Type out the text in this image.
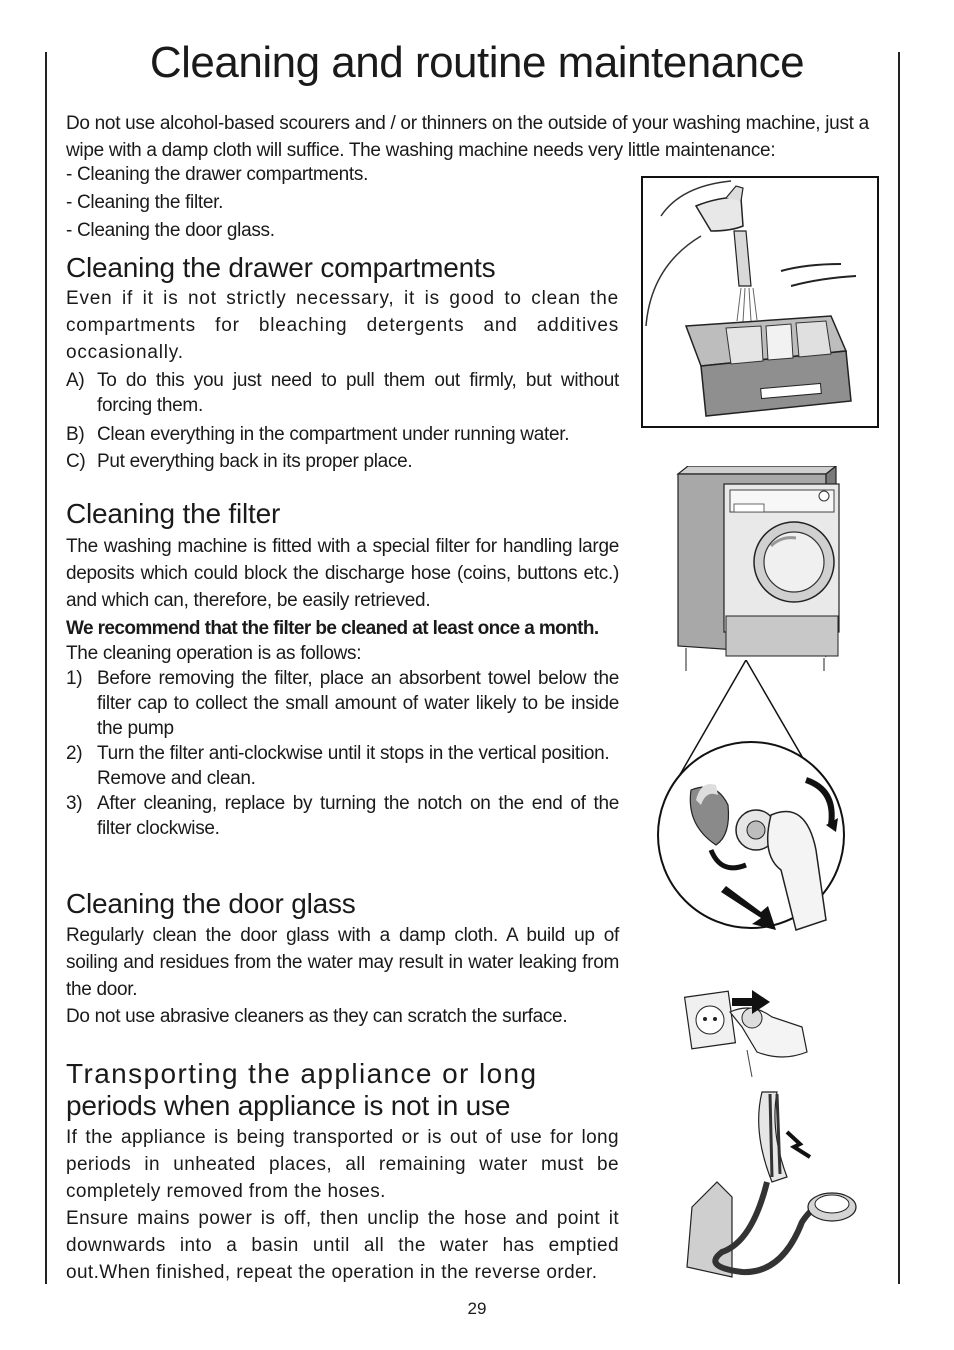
Cleaning and routine maintenance

Do not use alcohol-based scourers and / or thinners on the outside of your washing machine, just a wipe with a damp cloth will suffice. The washing machine needs very little maintenance:

- Cleaning the drawer compartments.

- Cleaning the filter.

- Cleaning the door glass.

Cleaning the drawer compartments

Even if it is not strictly necessary, it is good to clean the compartments for bleaching detergents and additives occasionally.

A) To do this you just need to pull them out firmly, but without forcing them.
B) Clean everything in the compartment under running water.
C) Put everything back in its proper place.
Cleaning the filter

The washing machine is fitted with a special filter for handling large deposits which could block the discharge hose (coins, buttons etc.) and which can, therefore, be easily retrieved.

We recommend that the filter be cleaned at least once a month.

The cleaning operation is as follows:

1) Before removing the filter, place an absorbent towel below the filter cap to collect the small amount of water likely to be inside the pump
2) Turn the filter anti-clockwise until it stops in the vertical position.
Remove and clean.
3) After cleaning, replace by turning the notch on the end of the filter clockwise.
Cleaning the door glass

Regularly clean the door glass with a damp cloth. A build up of soiling and residues from the water may result in water leaking from the door.

Do not use abrasive cleaners as they can scratch the surface.

Transporting the appliance or long
periods when appliance is not in use

If the appliance is being transported or is out of use for long periods in unheated places, all remaining water must be completely removed from the hoses.

Ensure mains power is off, then unclip the hose and point it downwards into a basin until all the water has emptied out.When finished, repeat the operation in the reverse order.

29
